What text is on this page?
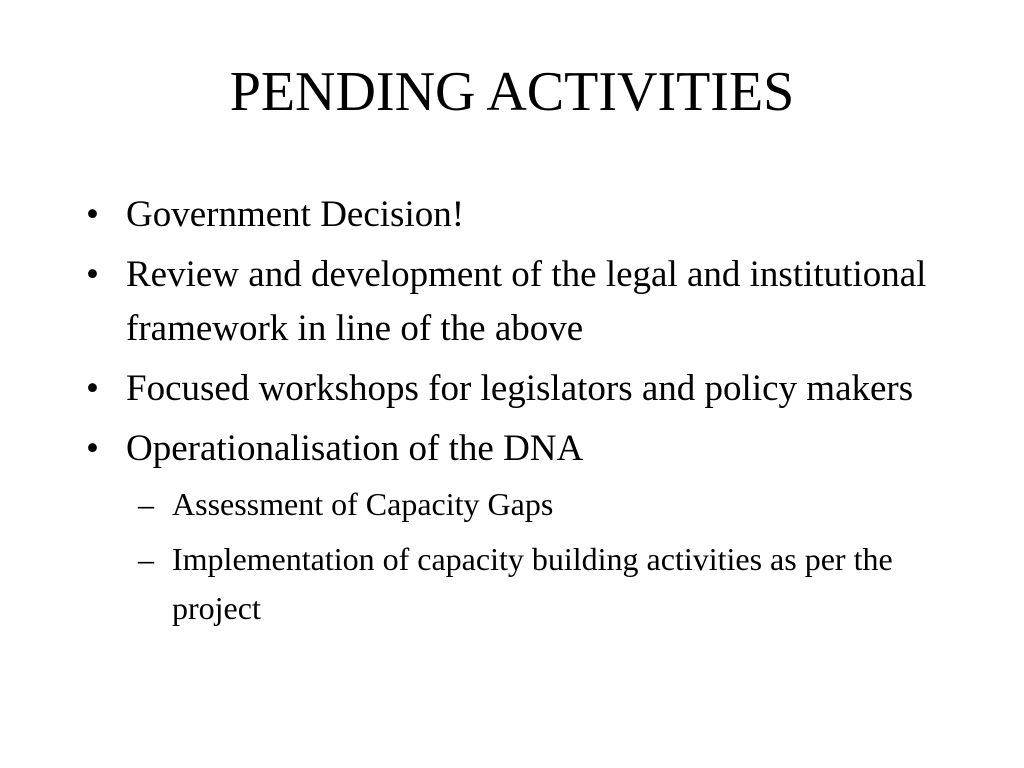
PENDING ACTIVITIES
• Government Decision!
• Review and development of the legal and institutional framework in line of the above
• Focused workshops for legislators and policy makers
• Operationalisation of the DNA
– Assessment of Capacity Gaps
– Implementation of capacity building activities as per the project
